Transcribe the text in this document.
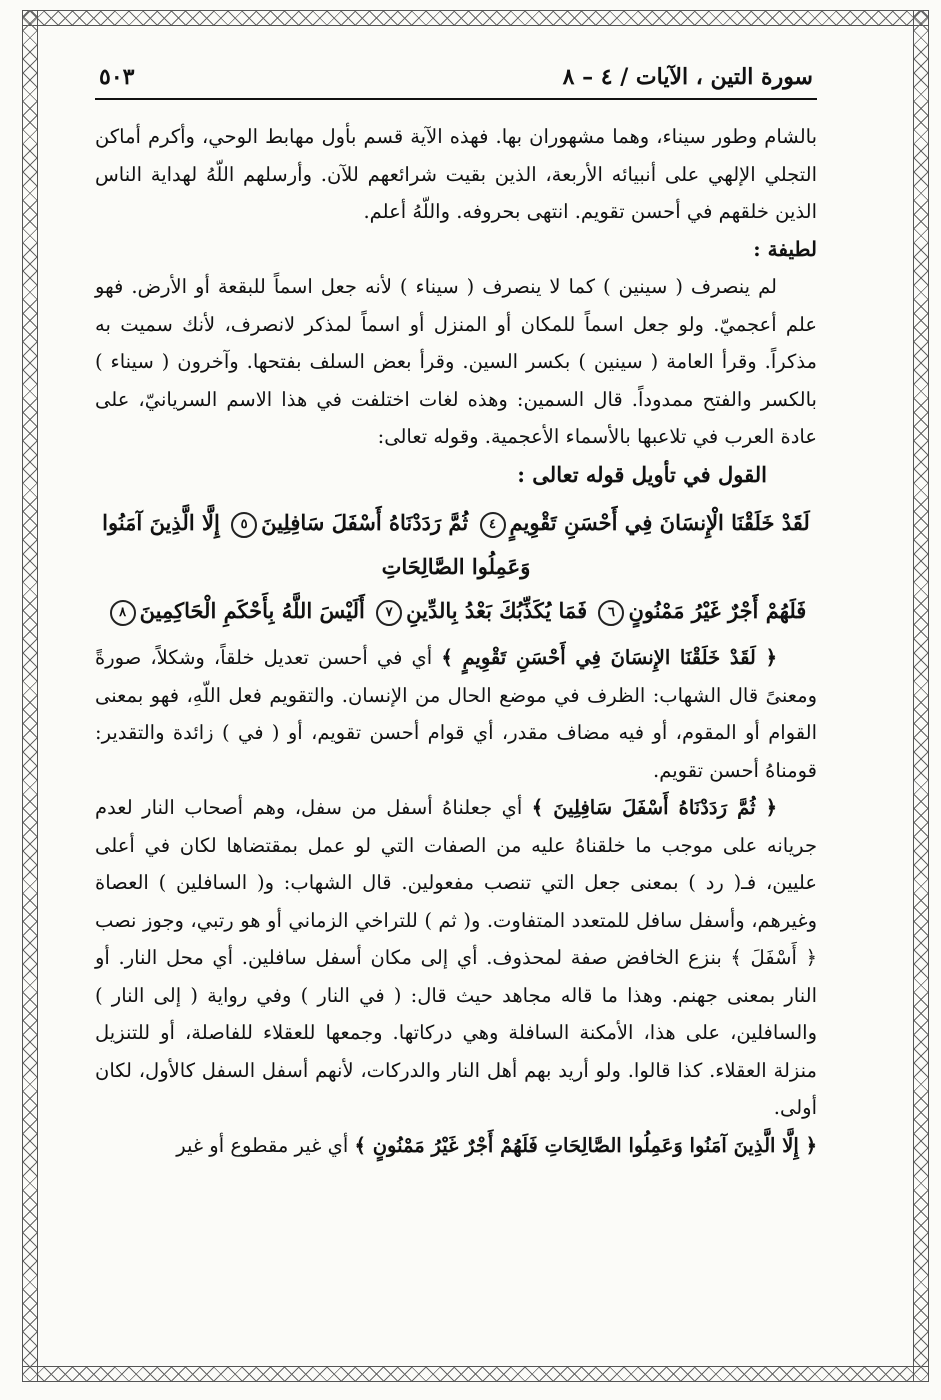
سورة التين ، الآيات / ٤ – ٨
٥٠٣

بالشام وطور سيناء، وهما مشهوران بها. فهذه الآية قسم بأول مهابط الوحي، وأكرم أماكن التجلي الإلهي على أنبيائه الأربعة، الذين بقيت شرائعهم للآن. وأرسلهم اللّهُ لهداية الناس الذين خلقهم في أحسن تقويم. انتهى بحروفه. واللّهُ أعلم.

لطيفة :

لم ينصرف ( سينين ) كما لا ينصرف ( سيناء ) لأنه جعل اسماً للبقعة أو الأرض. فهو علم أعجميّ. ولو جعل اسماً للمكان أو المنزل أو اسماً لمذكر لانصرف، لأنك سميت به مذكراً. وقرأ العامة ( سينين ) بكسر السين. وقرأ بعض السلف بفتحها. وآخرون ( سيناء ) بالكسر والفتح ممدوداً. قال السمين: وهذه لغات اختلفت في هذا الاسم السريانيّ، على عادة العرب في تلاعبها بالأسماء الأعجمية. وقوله تعالى:

القول في تأويل قوله تعالى :

لَقَدْ خَلَقْنَا الْإِنسَانَ فِي أَحْسَنِ تَقْوِيمٍ٤ ثُمَّ رَدَدْنَاهُ أَسْفَلَ سَافِلِينَ٥ إِلَّا الَّذِينَ آمَنُوا وَعَمِلُوا الصَّالِحَاتِ
فَلَهُمْ أَجْرٌ غَيْرُ مَمْنُونٍ٦ فَمَا يُكَذِّبُكَ بَعْدُ بِالدِّينِ٧ أَلَيْسَ اللَّهُ بِأَحْكَمِ الْحَاكِمِينَ٨

﴿ لَقَدْ خَلَقْنَا الإِنسَانَ فِي أَحْسَنِ تَقْوِيمٍ ﴾ أي في أحسن تعديل خلقاً، وشكلاً، صورةً ومعنىً قال الشهاب: الظرف في موضع الحال من الإنسان. والتقويم فعل اللّهِ، فهو بمعنى القوام أو المقوم، أو فيه مضاف مقدر، أي قوام أحسن تقويم، أو ( في ) زائدة والتقدير: قومناهُ أحسن تقويم.

﴿ ثُمَّ رَدَدْنَاهُ أَسْفَلَ سَافِلِينَ ﴾ أي جعلناهُ أسفل من سفل، وهم أصحاب النار لعدم جريانه على موجب ما خلقناهُ عليه من الصفات التي لو عمل بمقتضاها لكان في أعلى عليين، فـ( رد ) بمعنى جعل التي تنصب مفعولين. قال الشهاب: و( السافلين ) العصاة وغيرهم، وأسفل سافل للمتعدد المتفاوت. و( ثم ) للتراخي الزماني أو هو رتبي، وجوز نصب ﴿ أَسْفَلَ ﴾ بنزع الخافض صفة لمحذوف. أي إلى مكان أسفل سافلين. أي محل النار. أو النار بمعنى جهنم. وهذا ما قاله مجاهد حيث قال: ( في النار ) وفي رواية ( إلى النار ) والسافلين، على هذا، الأمكنة السافلة وهي دركاتها. وجمعها للعقلاء للفاصلة، أو للتنزيل منزلة العقلاء. كذا قالوا. ولو أريد بهم أهل النار والدركات، لأنهم أسفل السفل كالأول، لكان أولى.

﴿ إِلَّا الَّذِينَ آمَنُوا وَعَمِلُوا الصَّالِحَاتِ فَلَهُمْ أَجْرٌ غَيْرُ مَمْنُونٍ ﴾ أي غير مقطوع أو غير
